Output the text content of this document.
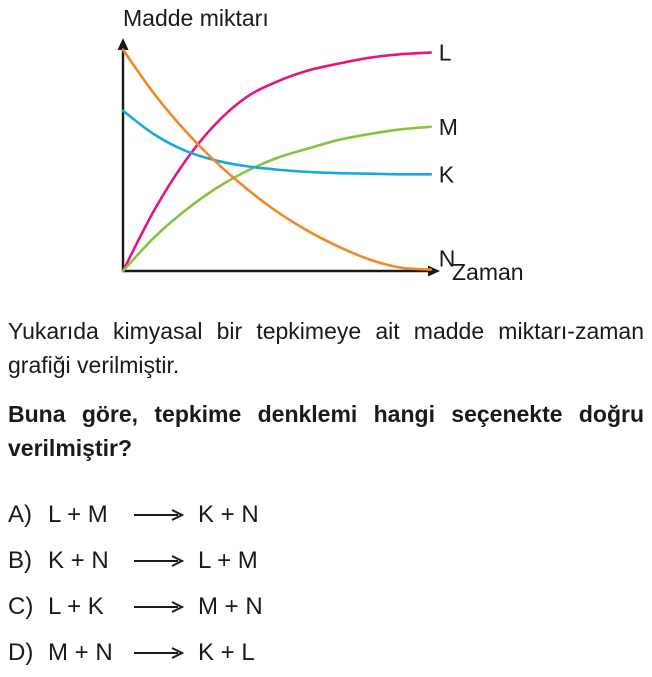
Madde miktarı
Zaman
L
M
K
N
Yukarıda kimyasal bir tepkimeye ait madde miktarı-zaman grafiği verilmiştir.
Buna göre, tepkime denklemi hangi seçenekte doğru verilmiştir?
A) L + M →K + N
B) K + N →L + M
C) L + K →M + N
D) M + N →K + L
